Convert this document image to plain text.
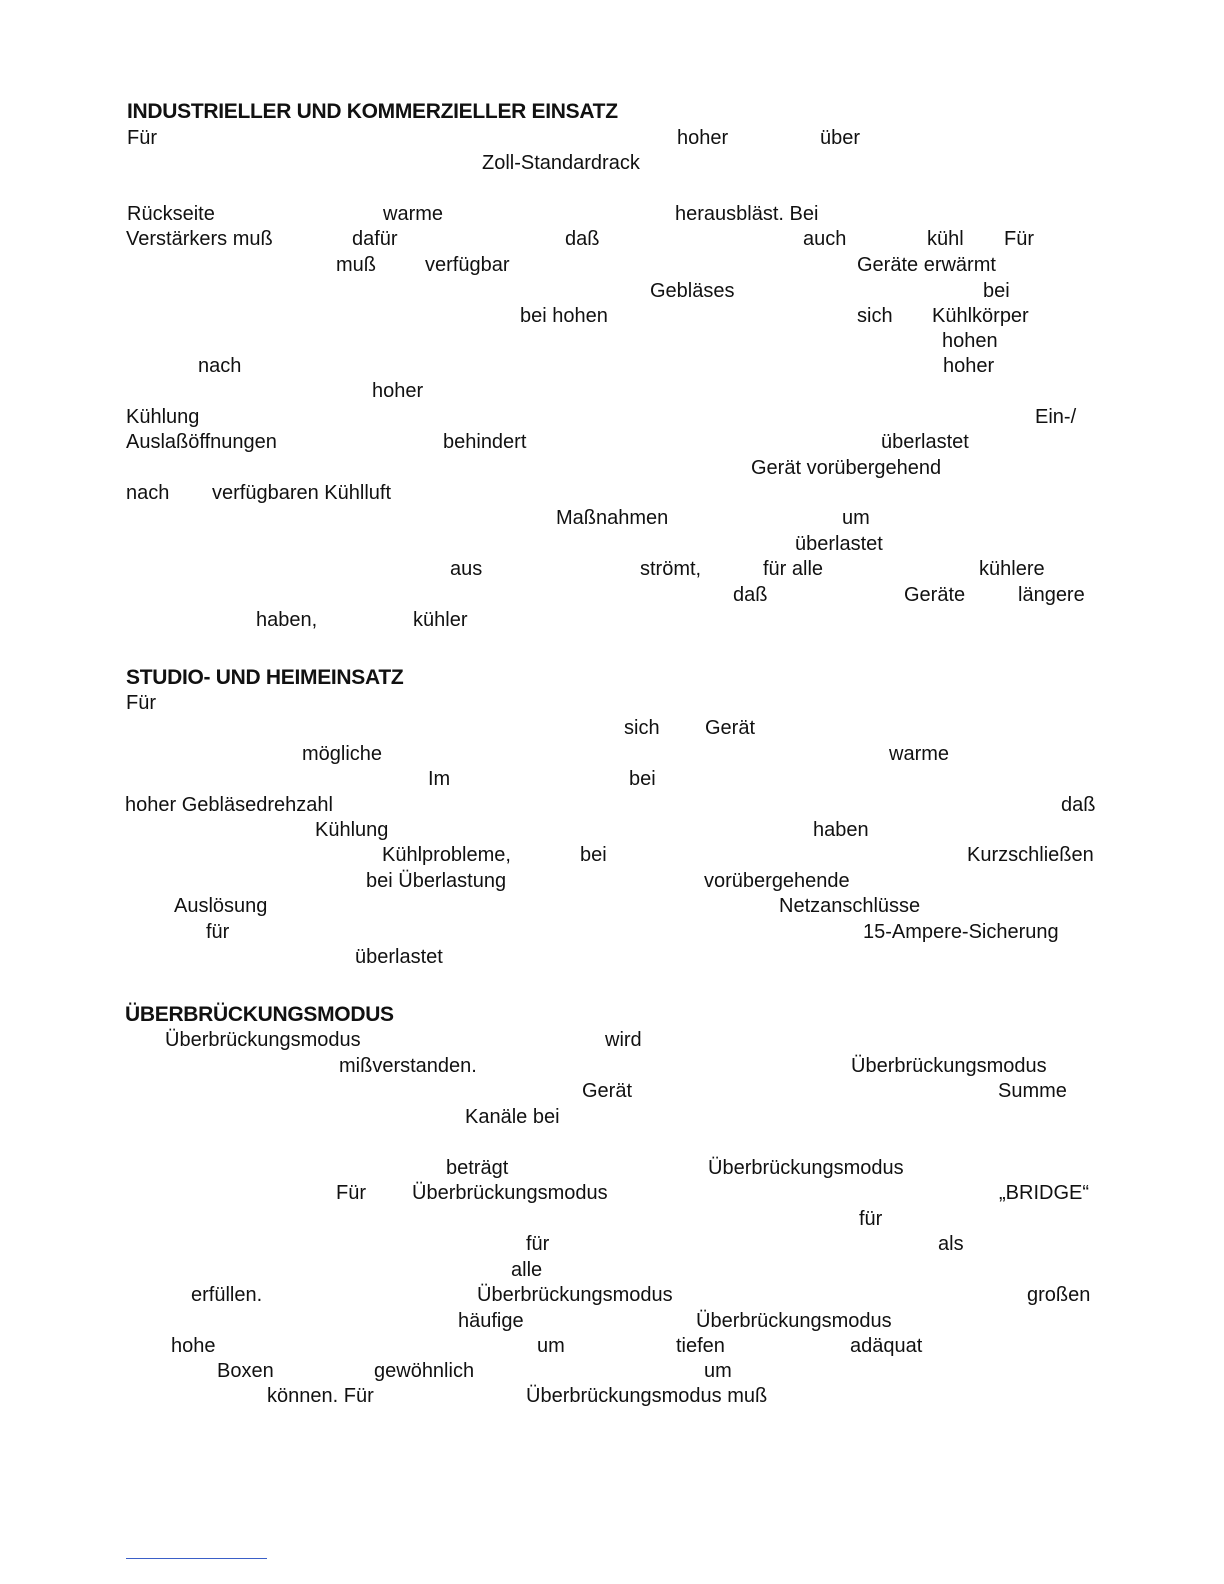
INDUSTRIELLER UND KOMMERZIELLER EINSATZ
STUDIO- UND HEIMEINSATZ
ÜBERBRÜCKUNGSMODUS
Für	hoher	über
Zoll-Standardrack
Rückseite	warme	herausbläst. Bei
Verstärkers muß	dafür	daß	auch	kühl Für
muß verfügbar	Geräte erwärmt
Gebläses	bei
bei hohen	sich Kühlkörper
hohen
nach	hoher
hoher
Kühlung	Ein-/
Auslaßöffnungen	behindert	überlastet
Gerät vorübergehend
nach verfügbaren Kühlluft
Maßnahmen	um
überlastet
aus	strömt,	für alle	kühlere
daß	Geräte	längere
haben,	kühler
Für
sich Gerät
mögliche	warme
Im	bei
hoher Gebläsedrehzahl	daß
Kühlung	haben
Kühlprobleme,	bei	Kurzschließen
bei Überlastung	vorübergehende
Auslösung	Netzanschlüsse
für	15-Ampere-Sicherung
überlastet
Überbrückungsmodus	wird
mißverstanden.	Überbrückungsmodus
Gerät	Summe
Kanäle bei
beträgt	Überbrückungsmodus
Für Überbrückungsmodus	„BRIDGE“
für
für	als
alle
erfüllen.	Überbrückungsmodus	großen
häufige	Überbrückungsmodus
hohe	um	tiefen	adäquat
Boxen	gewöhnlich	um
können. Für	Überbrückungsmodus muß
